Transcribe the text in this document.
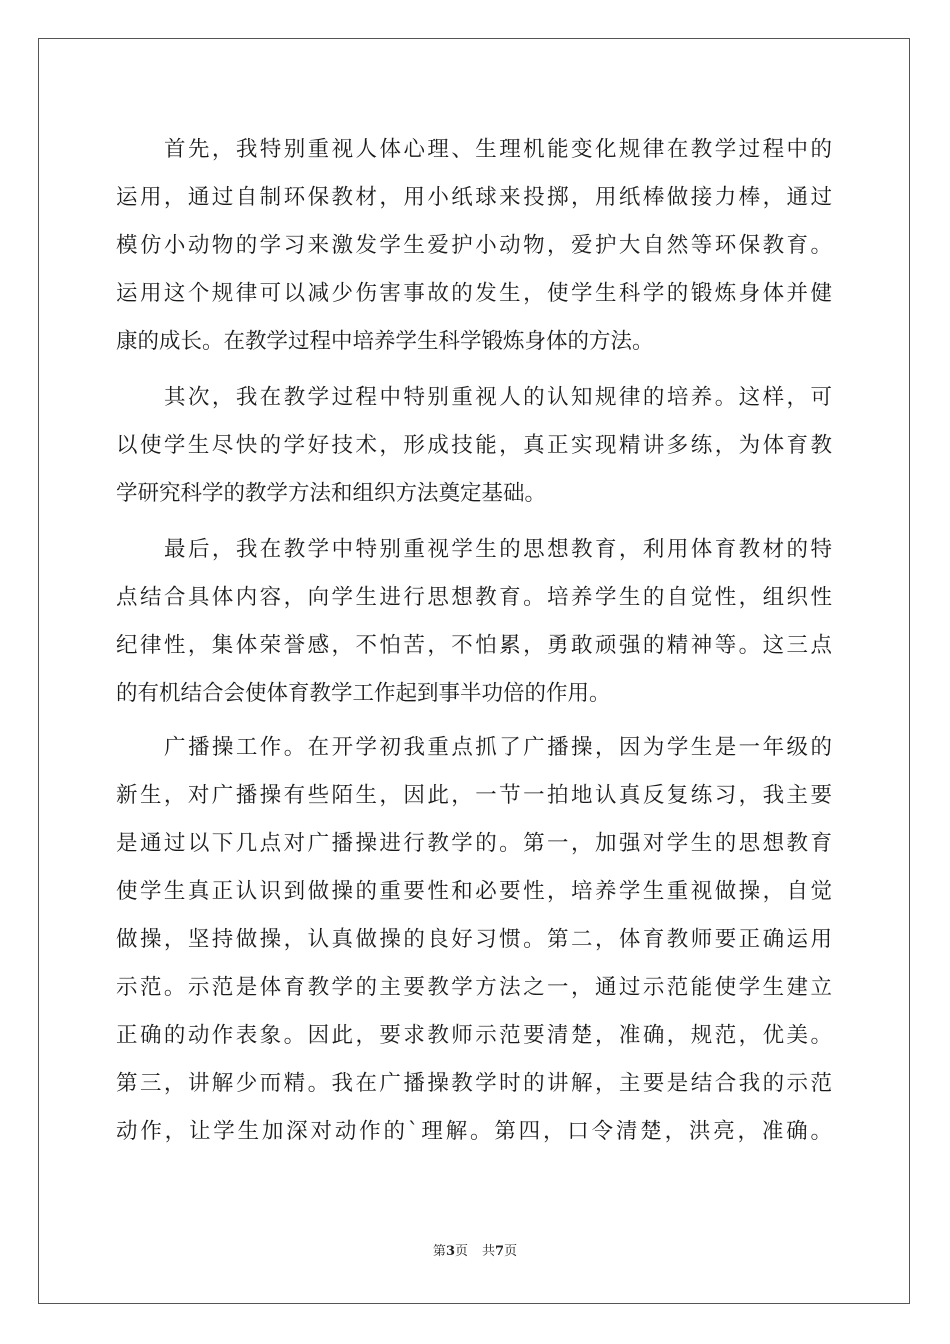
首先，我特别重视人体心理、生理机能变化规律在教学过程中的
运用，通过自制环保教材，用小纸球来投掷，用纸棒做接力棒，通过
模仿小动物的学习来激发学生爱护小动物，爱护大自然等环保教育。
运用这个规律可以减少伤害事故的发生，使学生科学的锻炼身体并健
康的成长。在教学过程中培养学生科学锻炼身体的方法。
其次，我在教学过程中特别重视人的认知规律的培养。这样，可
以使学生尽快的学好技术，形成技能，真正实现精讲多练，为体育教
学研究科学的教学方法和组织方法奠定基础。
最后，我在教学中特别重视学生的思想教育，利用体育教材的特
点结合具体内容，向学生进行思想教育。培养学生的自觉性，组织性
纪律性，集体荣誉感，不怕苦，不怕累，勇敢顽强的精神等。这三点
的有机结合会使体育教学工作起到事半功倍的作用。
广播操工作。在开学初我重点抓了广播操，因为学生是一年级的
新生，对广播操有些陌生，因此，一节一拍地认真反复练习，我主要
是通过以下几点对广播操进行教学的。第一，加强对学生的思想教育
使学生真正认识到做操的重要性和必要性，培养学生重视做操，自觉
做操，坚持做操，认真做操的良好习惯。第二，体育教师要正确运用
示范。示范是体育教学的主要教学方法之一，通过示范能使学生建立
正确的动作表象。因此，要求教师示范要清楚，准确，规范，优美。
第三，讲解少而精。我在广播操教学时的讲解，主要是结合我的示范
动作，让学生加深对动作的`理解。第四，口令清楚，洪亮，准确。
第3页 共7页
